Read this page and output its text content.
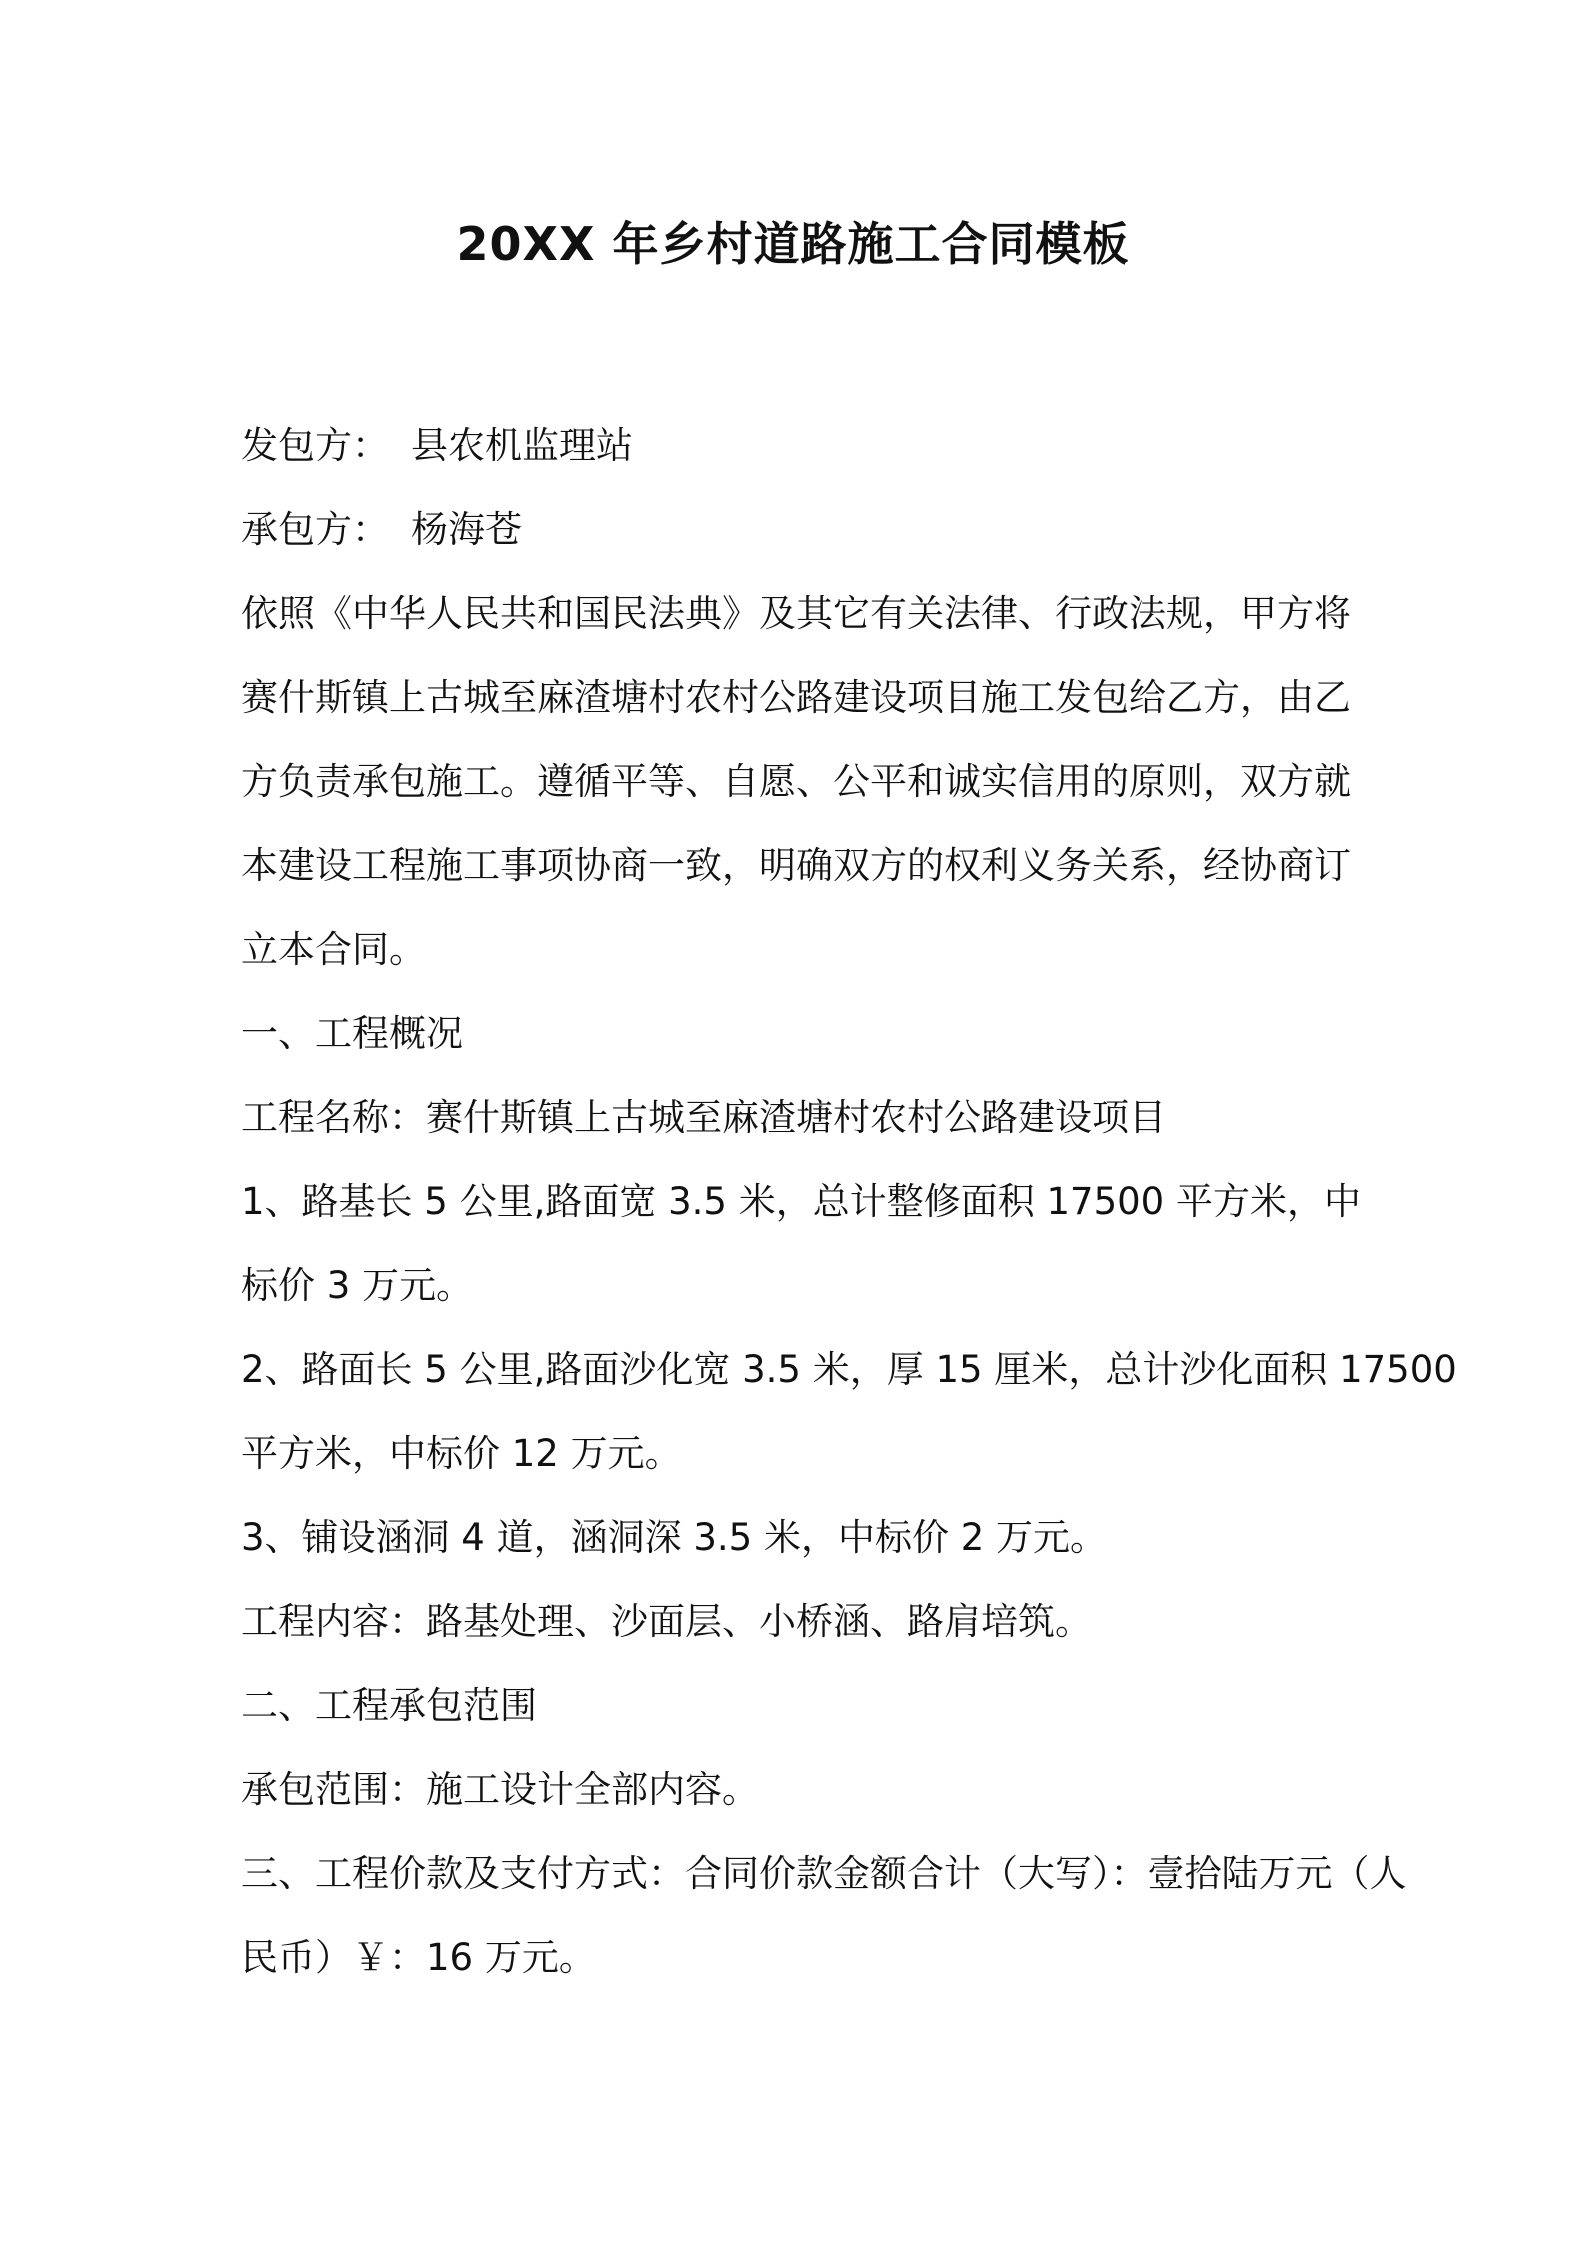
20XX 年乡村道路施工合同模板

发包方： 县农机监理站

承包方： 杨海苍

依照《中华人民共和国民法典》及其它有关法律、行政法规，甲方将

赛什斯镇上古城至麻渣塘村农村公路建设项目施工发包给乙方，由乙

方负责承包施工。遵循平等、自愿、公平和诚实信用的原则，双方就

本建设工程施工事项协商一致，明确双方的权利义务关系，经协商订

立本合同。

一、工程概况

工程名称：赛什斯镇上古城至麻渣塘村农村公路建设项目

1、路基长 5 公里,路面宽 3.5 米，总计整修面积 17500 平方米，中

标价 3 万元。

2、路面长 5 公里,路面沙化宽 3.5 米，厚 15 厘米，总计沙化面积 17500

平方米，中标价 12 万元。

3、铺设涵洞 4 道，涵洞深 3.5 米，中标价 2 万元。

工程内容：路基处理、沙面层、小桥涵、路肩培筑。

二、工程承包范围

承包范围：施工设计全部内容。

三、工程价款及支付方式：合同价款金额合计（大写）：壹拾陆万元（人

民币）￥：16 万元。
